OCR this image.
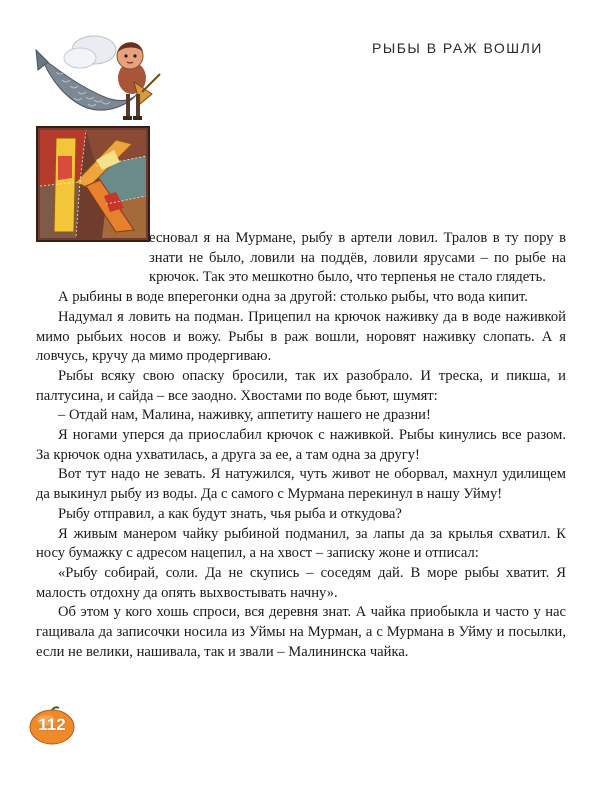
РЫБЫ В РАЖ ВОШЛИ

есновал я на Мурмане, рыбу в артели ловил. Тралов в ту пору в знати не было, ловили на поддёв, ловили ярусами – по рыбе на крючок. Так это мешкотно было, что терпенья не стало глядеть.

А рыбины в воде вперегонки одна за другой: столько рыбы, что вода кипит.

Надумал я ловить на подман. Прицепил на крючок наживку да в воде наживкой мимо рыбьих носов и вожу. Рыбы в раж вошли, норовят наживку слопать. А я ловчусь, кручу да мимо продергиваю.

Рыбы всяку свою опаску бросили, так их разобрало. И треска, и пикша, и палтусина, и сайда – все заодно. Хвостами по воде бьют, шумят:

– Отдай нам, Малина, наживку, аппетиту нашего не дразни!

Я ногами уперся да приослабил крючок с наживкой. Рыбы кинулись все разом. За крючок одна ухватилась, а друга за ее, а там одна за другу!

Вот тут надо не зевать. Я натужился, чуть живот не оборвал, махнул удилищем да выкинул рыбу из воды. Да с самого с Мурмана перекинул в нашу Уйму!

Рыбу отправил, а как будут знать, чья рыба и откудова?

Я живым манером чайку рыбиной подманил, за лапы да за крылья схватил. К носу бумажку с адресом нацепил, а на хвост – записку жоне и отписал:

«Рыбу собирай, соли. Да не скупись – соседям дай. В море рыбы хватит. Я малость отдохну да опять выхвостывать начну».

Об этом у кого хошь спроси, вся деревня знат. А чайка приобыкла и часто у нас гащивала да записочки носила из Уймы на Мурман, а с Мурмана в Уйму и посылки, если не велики, нашивала, так и звали – Малининска чайка.

112
